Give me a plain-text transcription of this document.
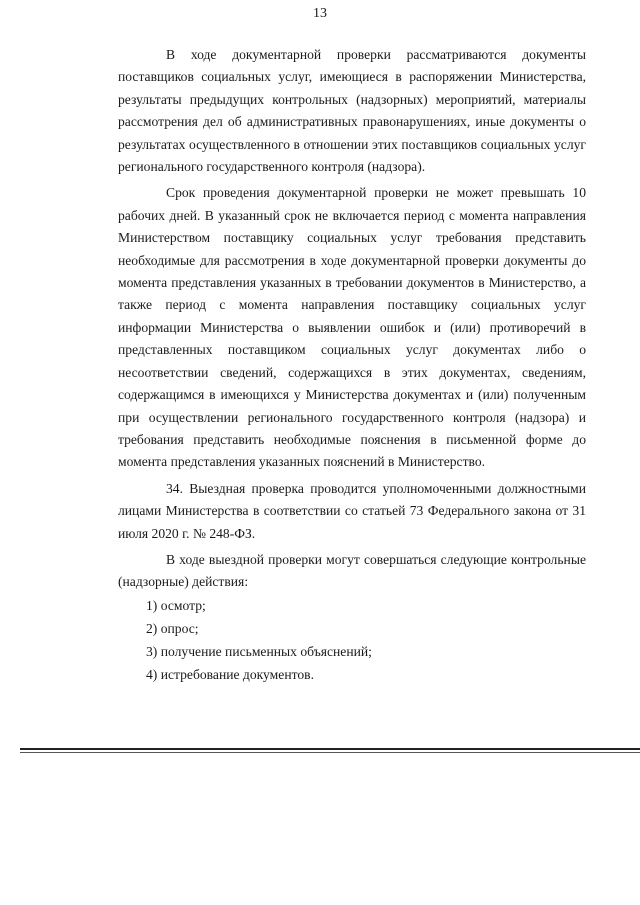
13

В ходе документарной проверки рассматриваются документы поставщиков социальных услуг, имеющиеся в распоряжении Министерства, результаты предыдущих контрольных (надзорных) мероприятий, материалы рассмотрения дел об административных правонарушениях, иные документы о результатах осуществленного в отношении этих поставщиков социальных услуг регионального государственного контроля (надзора).

Срок проведения документарной проверки не может превышать 10 рабочих дней. В указанный срок не включается период с момента направления Министерством поставщику социальных услуг требования представить необходимые для рассмотрения в ходе документарной проверки документы до момента представления указанных в требовании документов в Министерство, а также период с момента направления поставщику социальных услуг информации Министерства о выявлении ошибок и (или) противоречий в представленных поставщиком социальных услуг документах либо о несоответствии сведений, содержащихся в этих документах, сведениям, содержащимся в имеющихся у Министерства документах и (или) полученным при осуществлении регионального государственного контроля (надзора) и требования представить необходимые пояснения в письменной форме до момента представления указанных пояснений в Министерство.

34. Выездная проверка проводится уполномоченными должностными лицами Министерства в соответствии со статьей 73 Федерального закона от 31 июля 2020 г. № 248-ФЗ.

В ходе выездной проверки могут совершаться следующие контрольные (надзорные) действия:

1) осмотр;

2) опрос;

3) получение письменных объяснений;

4) истребование документов.
